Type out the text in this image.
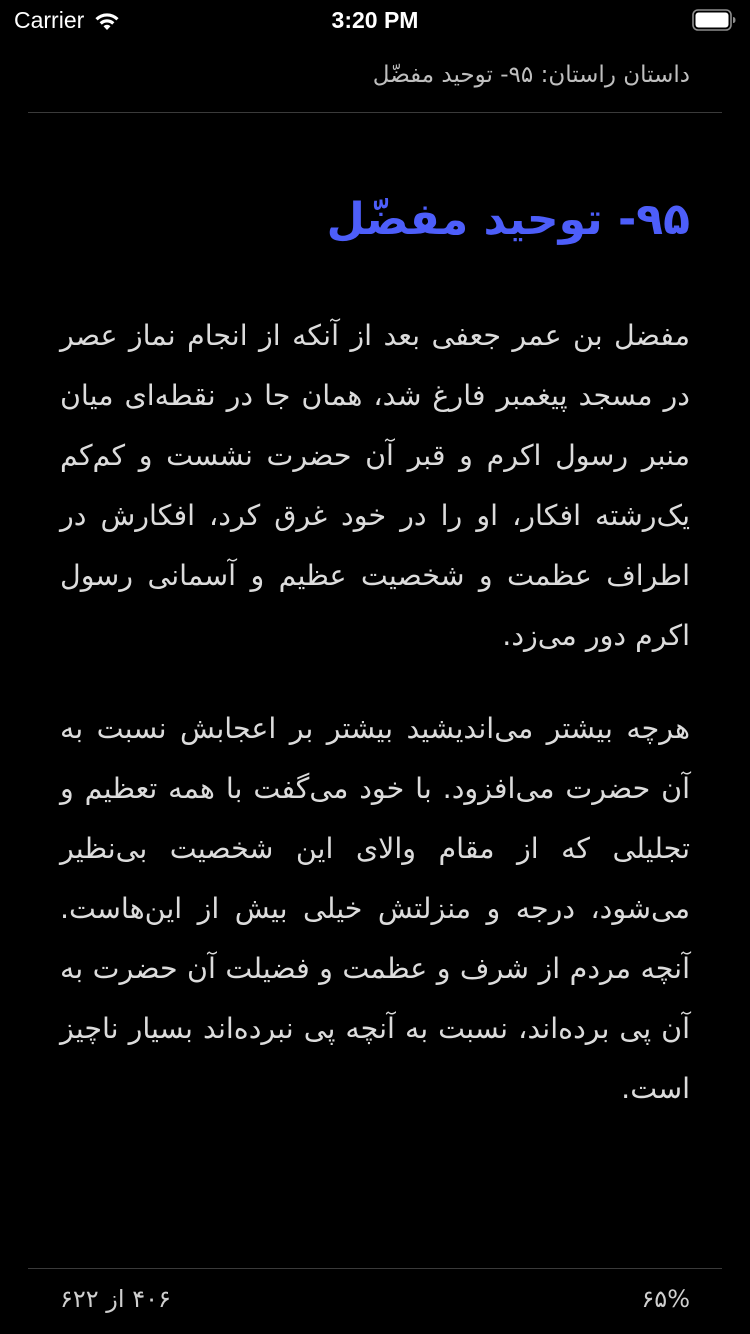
Carrier	3:20 PM
داستان راستان: ۹۵- توحید مفضّل
۹۵- توحید مفضّل

مفضل بن عمر جعفی بعد از آنکه از انجام نماز عصر در مسجد پیغمبر فارغ شد، همان جا در نقطه‌ای میان منبر رسول اکرم و قبر آن حضرت نشست و کم‌کم یک‌رشته افکار، او را در خود غرق کرد، افکارش در اطراف عظمت و شخصیت عظیم و آسمانی رسول اکرم دور می‌زد.

هرچه بیشتر می‌اندیشید بیشتر بر اعجابش نسبت به آن حضرت می‌افزود. با خود می‌گفت با همه تعظیم و تجلیلی که از مقام والای این شخصیت بی‌نظیر می‌شود، درجه و منزلتش خیلی بیش از این‌هاست. آنچه مردم از شرف و عظمت و فضیلت آن حضرت به آن پی برده‌اند، نسبت به آنچه پی نبرده‌اند بسیار ناچیز است.

۴۰۶ از ۶۲۲	۶۵%
